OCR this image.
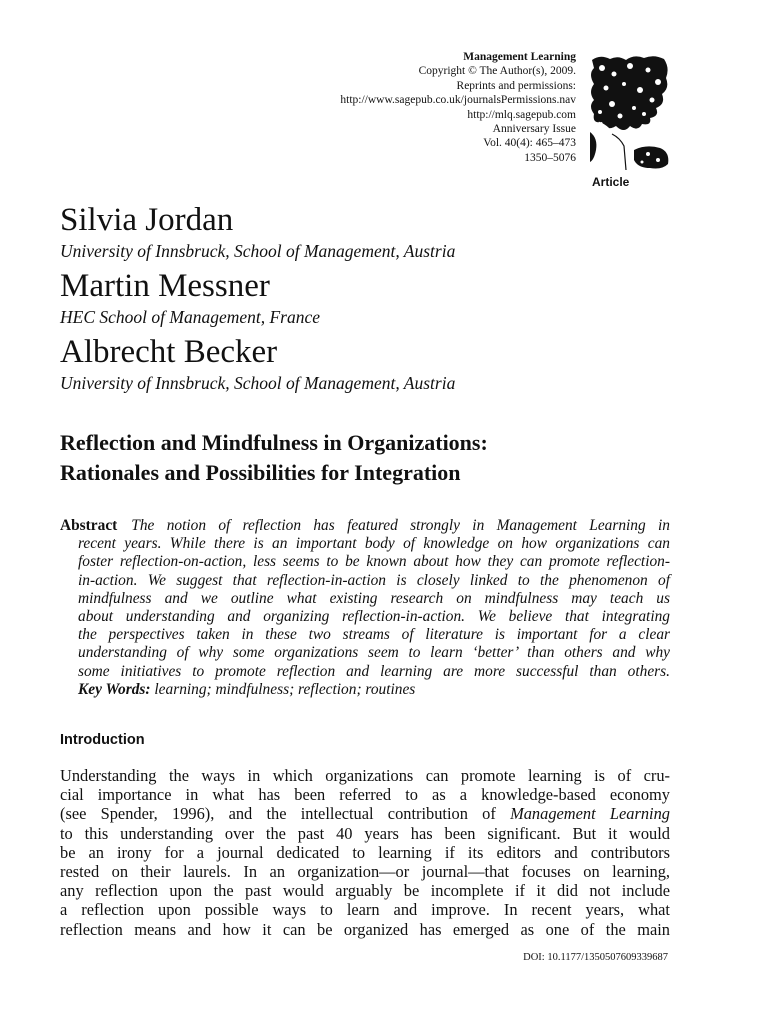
Management Learning
Copyright © The Author(s), 2009.
Reprints and permissions:
http://www.sagepub.co.uk/journalsPermissions.nav
http://mlq.sagepub.com
Anniversary Issue
Vol. 40(4): 465–473
1350–5076
Article
Silvia Jordan

University of Innsbruck, School of Management, Austria

Martin Messner

HEC School of Management, France

Albrecht Becker

University of Innsbruck, School of Management, Austria

Reflection and Mindfulness in Organizations:
Rationales and Possibilities for Integration
Abstract The notion of reflection has featured strongly in Management Learning in
recent years. While there is an important body of knowledge on how organizations can
foster reflection-on-action, less seems to be known about how they can promote reflection-
in-action. We suggest that reflection-in-action is closely linked to the phenomenon of
mindfulness and we outline what existing research on mindfulness may teach us
about understanding and organizing reflection-in-action. We believe that integrating
the perspectives taken in these two streams of literature is important for a clear
understanding of why some organizations seem to learn ‘better’ than others and why
some initiatives to promote reflection and learning are more successful than others.
Key Words: learning; mindfulness; reflection; routines
Introduction
Understanding the ways in which organizations can promote learning is of cru-
cial importance in what has been referred to as a knowledge-based economy
(see Spender, 1996), and the intellectual contribution of Management Learning
to this understanding over the past 40 years has been significant. But it would
be an irony for a journal dedicated to learning if its editors and contributors
rested on their laurels. In an organization—or journal—that focuses on learning,
any reflection upon the past would arguably be incomplete if it did not include
a reflection upon possible ways to learn and improve. In recent years, what
reflection means and how it can be organized has emerged as one of the main
DOI: 10.1177/1350507609339687
